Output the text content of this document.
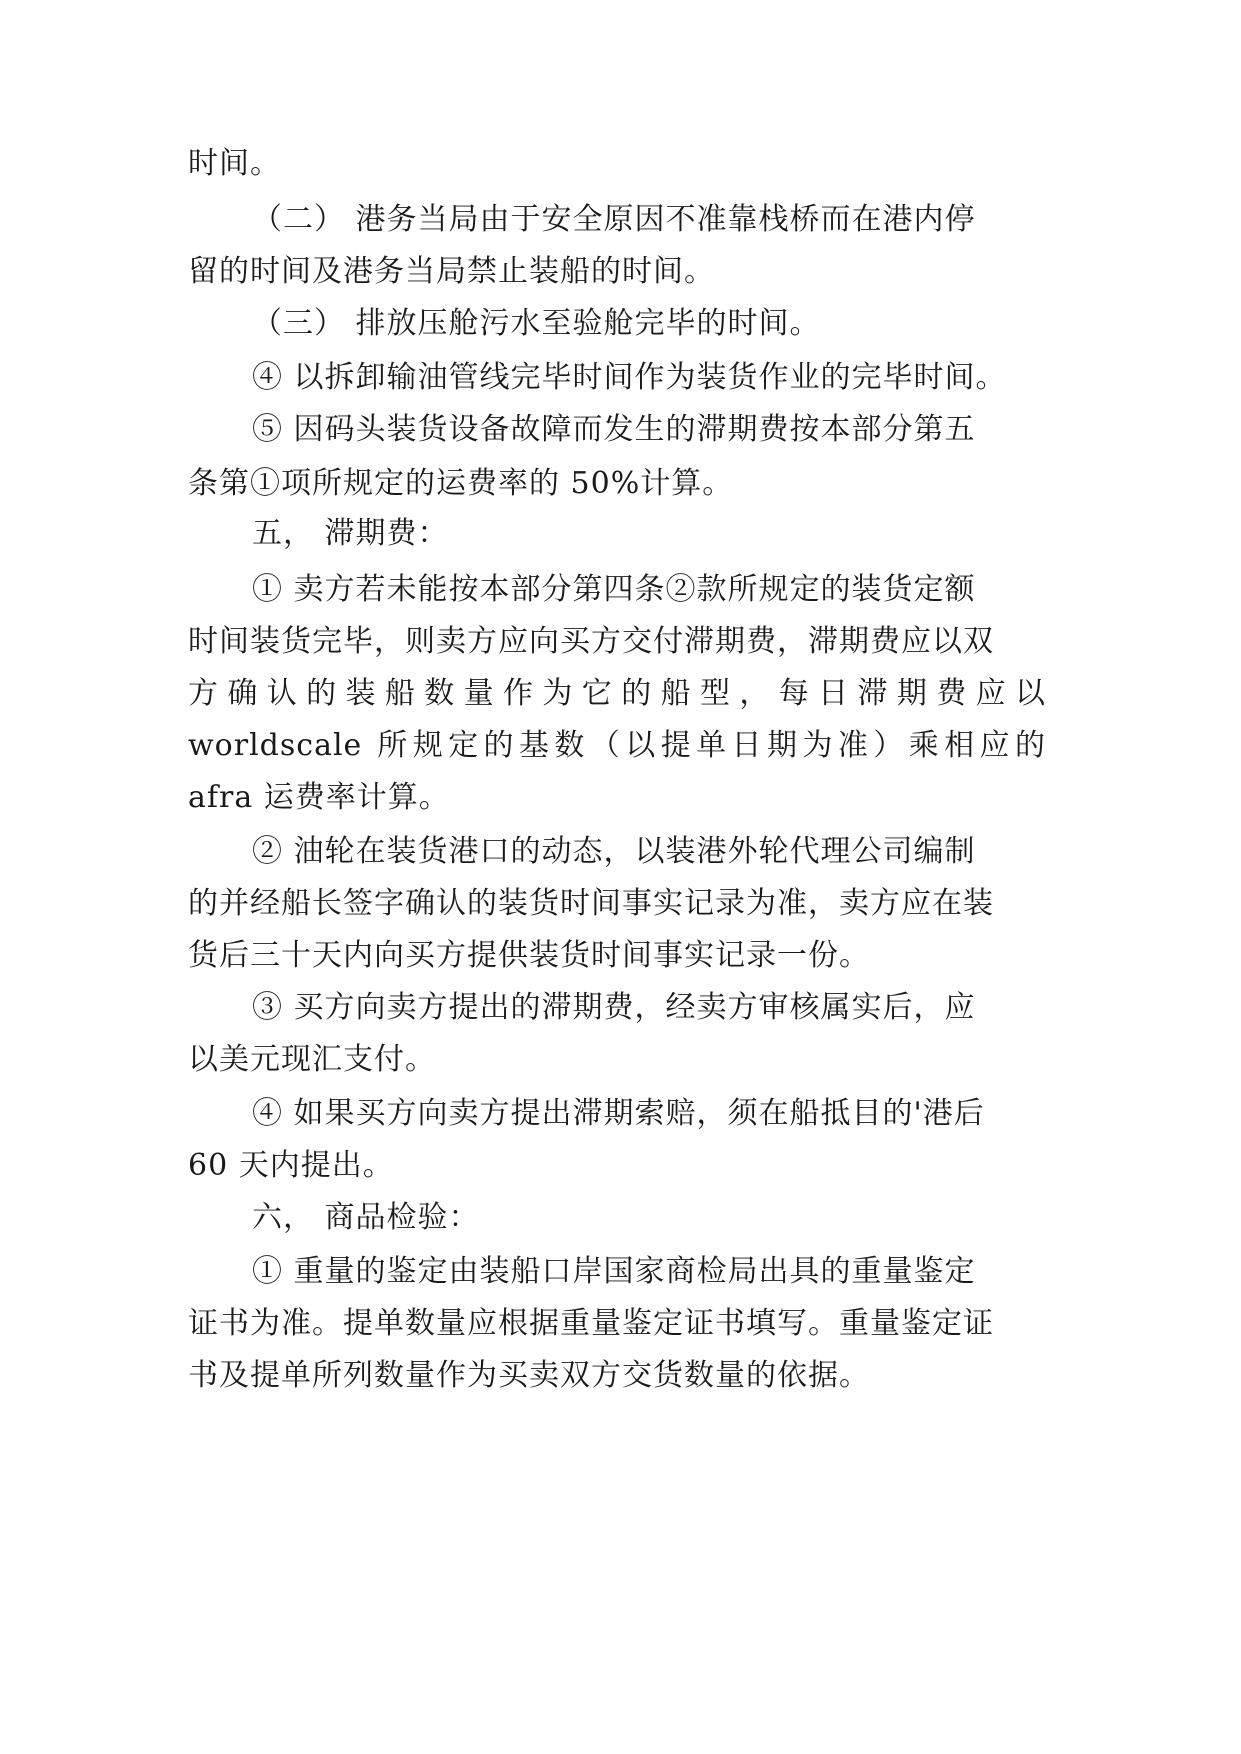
时间。
（二） 港务当局由于安全原因不准靠栈桥而在港内停
留的时间及港务当局禁止装船的时间。
（三） 排放压舱污水至验舱完毕的时间。
④ 以拆卸输油管线完毕时间作为装货作业的完毕时间。
⑤ 因码头装货设备故障而发生的滞期费按本部分第五
条第①项所规定的运费率的 50%计算。
五， 滞期费：
① 卖方若未能按本部分第四条②款所规定的装货定额
时间装货完毕，则卖方应向买方交付滞期费，滞期费应以双
方确认的装船数量作为它的船型，每日滞期费应以
worldscale 所规定的基数（以提单日期为准）乘相应的
afra 运费率计算。
② 油轮在装货港口的动态，以装港外轮代理公司编制
的并经船长签字确认的装货时间事实记录为准，卖方应在装
货后三十天内向买方提供装货时间事实记录一份。
③ 买方向卖方提出的滞期费，经卖方审核属实后，应
以美元现汇支付。
④ 如果买方向卖方提出滞期索赔，须在船抵目的'港后
60 天内提出。
六， 商品检验：
① 重量的鉴定由装船口岸国家商检局出具的重量鉴定
证书为准。提单数量应根据重量鉴定证书填写。重量鉴定证
书及提单所列数量作为买卖双方交货数量的依据。
